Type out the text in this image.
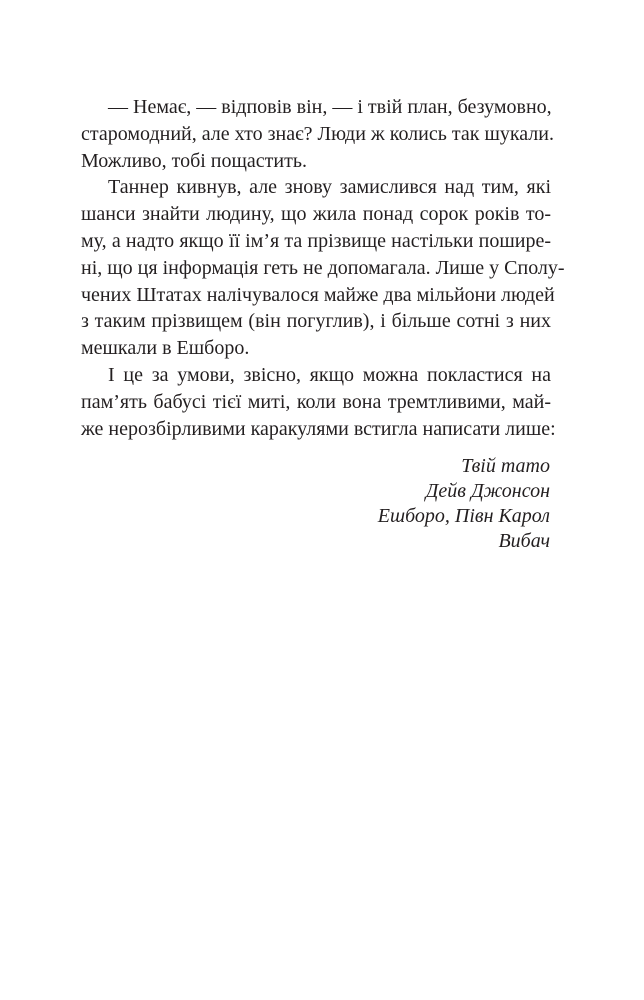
— Немає, — відповів він, — і твій план, безумовно,
старомодний, але хто знає? Люди ж колись так шукали.
Можливо, тобі пощастить.
Таннер кивнув, але знову замислився над тим, які
шанси знайти людину, що жила понад сорок років то-
му, а надто якщо її ім’я та прізвище настільки пошире-
ні, що ця інформація геть не допомагала. Лише у Сполу-
чених Штатах налічувалося майже два мільйони людей
з таким прізвищем (він погуглив), і більше сотні з них
мешкали в Ешборо.
І це за умови, звісно, якщо можна покластися на
пам’ять бабусі тієї миті, коли вона тремтливими, май-
же нерозбірливими каракулями встигла написати лише:
Твій тато
Дейв Джонсон
Ешборо, Півн Карол
Вибач
